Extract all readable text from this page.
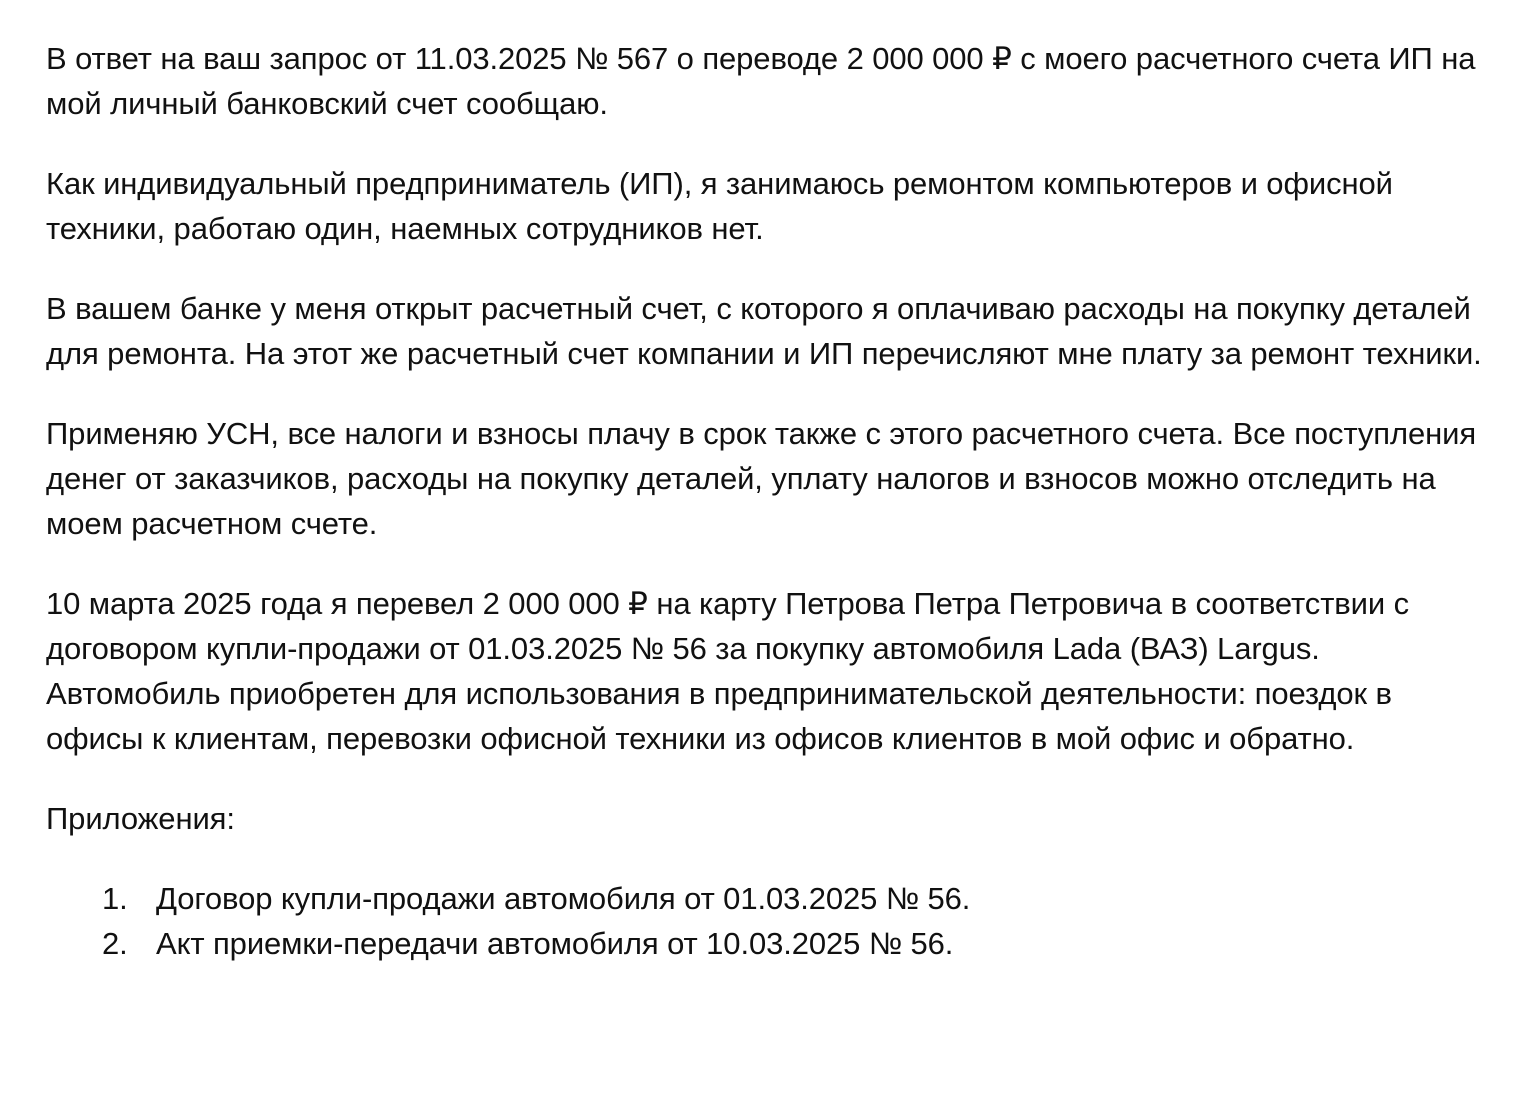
В ответ на ваш запрос от 11.03.2025 № 567 о переводе 2 000 000 ₽ с моего расчетного счета ИП на мой личный банковский счет сообщаю.

Как индивидуальный предприниматель (ИП), я занимаюсь ремонтом компьютеров и офисной техники, работаю один, наемных сотрудников нет.

В вашем банке у меня открыт расчетный счет, с которого я оплачиваю расходы на покупку деталей для ремонта. На этот же расчетный счет компании и ИП перечисляют мне плату за ремонт техники.

Применяю УСН, все налоги и взносы плачу в срок также с этого расчетного счета. Все поступления денег от заказчиков, расходы на покупку деталей, уплату налогов и взносов можно отследить на моем расчетном счете.

10 марта 2025 года я перевел 2 000 000 ₽ на карту Петрова Петра Петровича в соответствии с договором купли-продажи от 01.03.2025 № 56 за покупку автомобиля Lada (ВАЗ) Largus. Автомобиль приобретен для использования в предпринимательской деятельности: поездок в офисы к клиентам, перевозки офисной техники из офисов клиентов в мой офис и обратно.

Приложения:

1. Договор купли-продажи автомобиля от 01.03.2025 № 56.
2. Акт приемки-передачи автомобиля от 10.03.2025 № 56.
